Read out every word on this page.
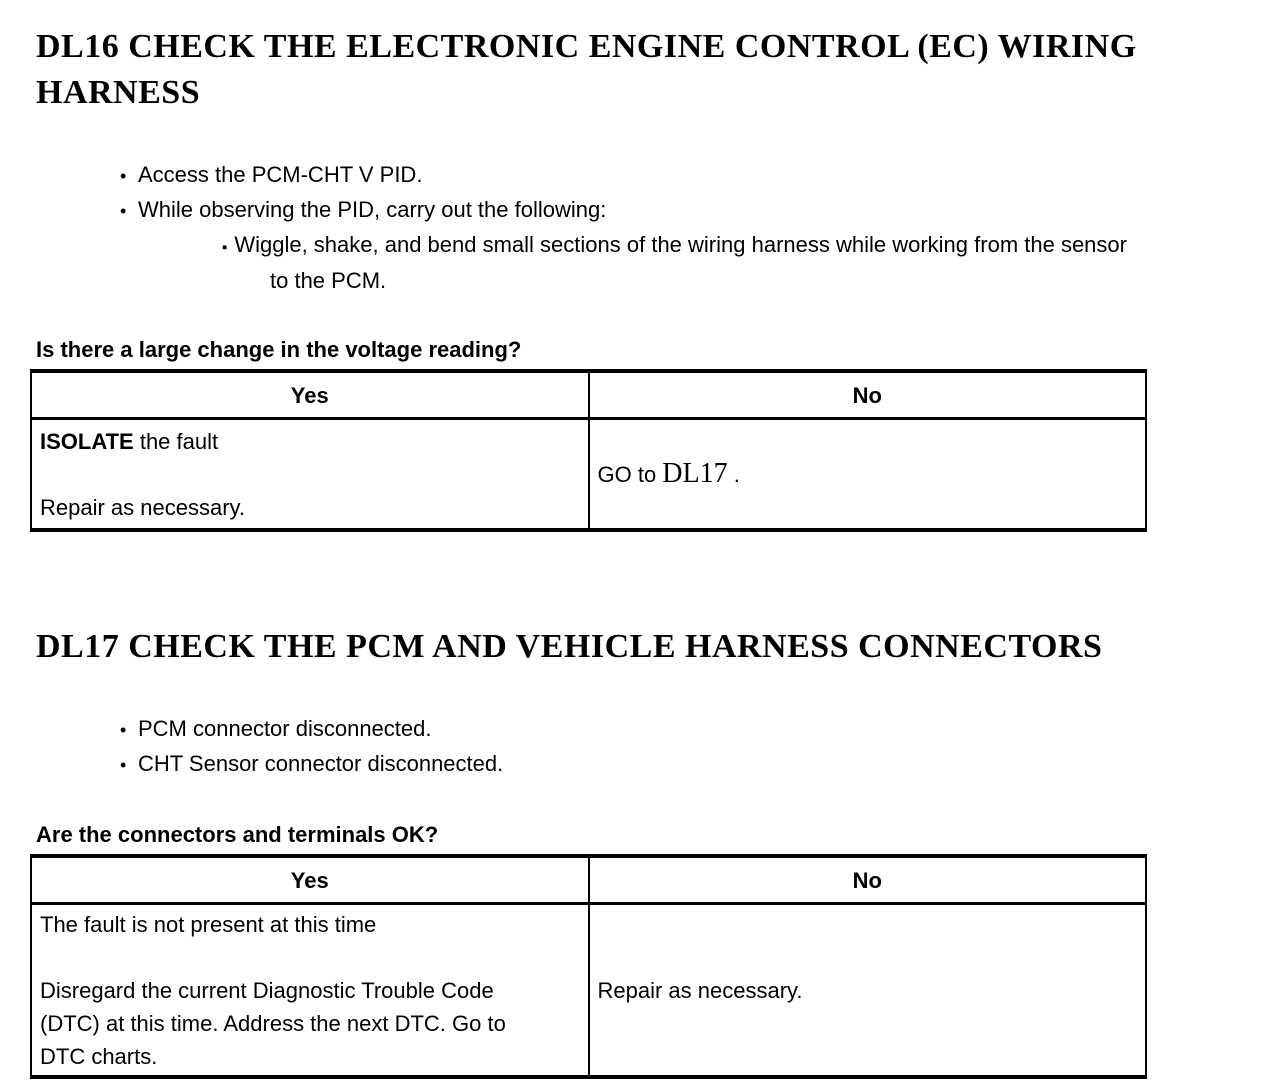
DL16 CHECK THE ELECTRONIC ENGINE CONTROL (EC) WIRING HARNESS
• Access the PCM-CHT V PID.
• While observing the PID, carry out the following:
▪ Wiggle, shake, and bend small sections of the wiring harness while working from the sensor to the PCM.
Is there a large change in the voltage reading?
Yes	No

ISOLATE the fault
Repair as necessary.	GO to DL17 .
DL17 CHECK THE PCM AND VEHICLE HARNESS CONNECTORS
• PCM connector disconnected.
• CHT Sensor connector disconnected.
Are the connectors and terminals OK?
Yes	No

The fault is not present at this time
Disregard the current Diagnostic Trouble Code (DTC) at this time. Address the next DTC. Go to DTC charts.	Repair as necessary.
